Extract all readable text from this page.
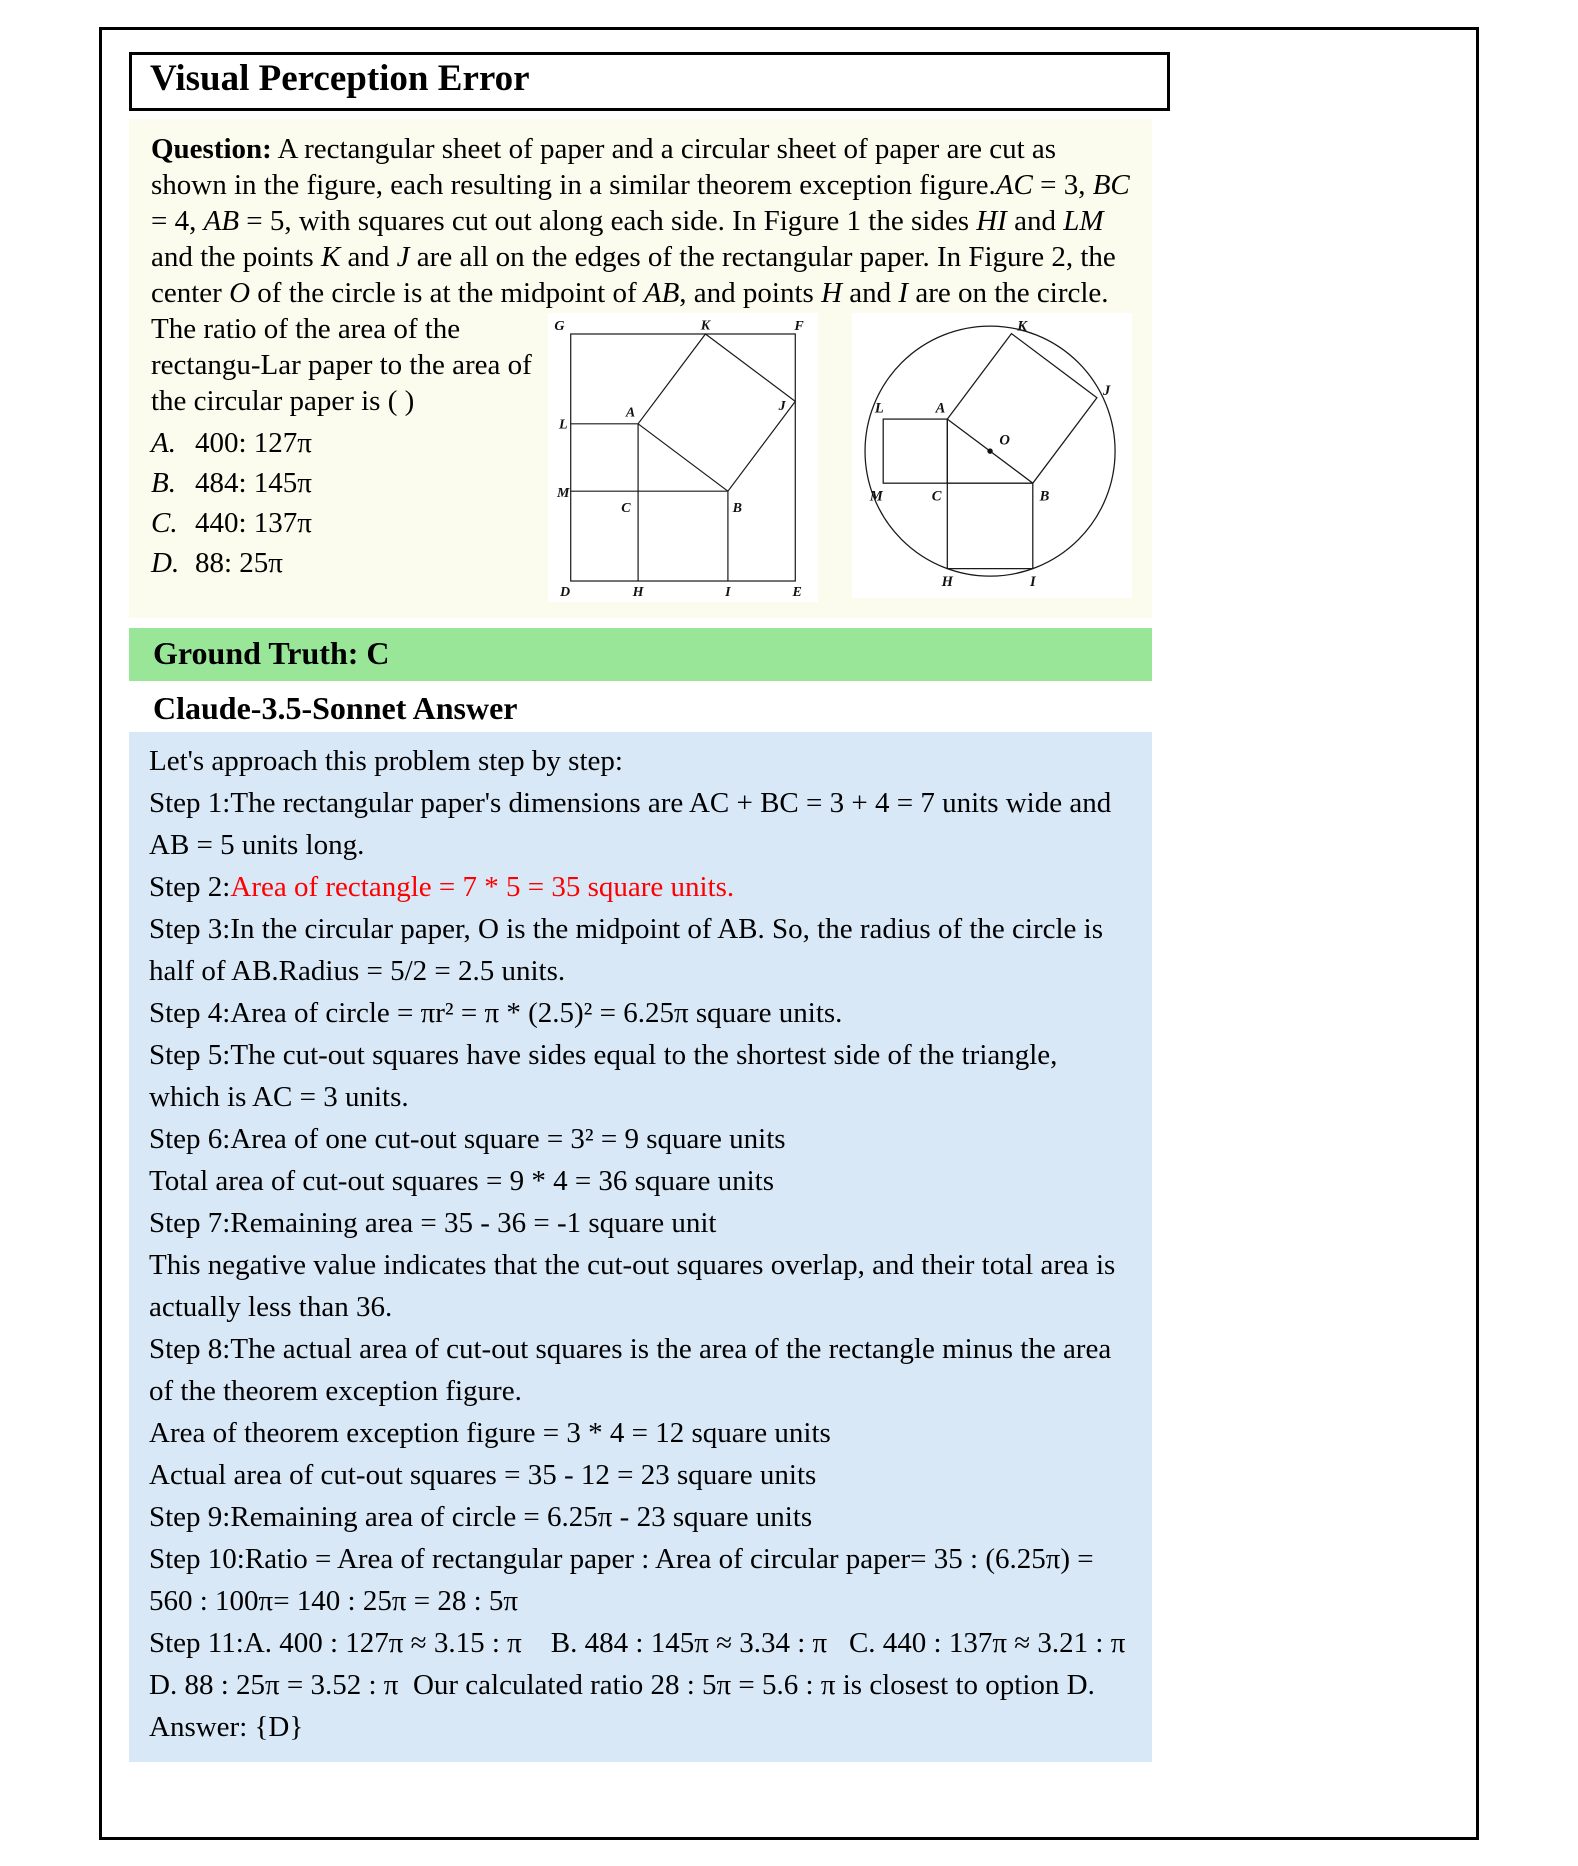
Visual Perception Error
Question: A rectangular sheet of paper and a circular sheet of paper are cut as shown in the figure, each resulting in a similar theorem exception figure.AC = 3, BC = 4, AB = 5, with squares cut out along each side. In Figure 1 the sides HI and LM and the points K and J are all on the edges of the rectangular paper. In Figure 2, the center O of the circle is at the midpoint of AB, and points H and I
G	K	F
J
L
A
M
C	B
D	H	I	E
K
J
L	A
O
M	C	B
H	I
are on the circle. The ratio of the area of the rectangu-Lar paper to the area of the circular paper is ( )
A. 400: 127π
B. 484: 145π
C. 440: 137π
D. 88: 25π
Ground Truth: C
Claude-3.5-Sonnet Answer

Let's approach this problem step by step:

Step 1:The rectangular paper's dimensions are AC + BC = 3 + 4 = 7 units wide and AB = 5 units long.

Step 2:Area of rectangle = 7 * 5 = 35 square units.

Step 3:In the circular paper, O is the midpoint of AB. So, the radius of the circle is half of AB.Radius = 5/2 = 2.5 units.

Step 4:Area of circle = πr² = π * (2.5)² = 6.25π square units.

Step 5:The cut-out squares have sides equal to the shortest side of the triangle, which is AC = 3 units.

Step 6:Area of one cut-out square = 3² = 9 square units

Total area of cut-out squares = 9 * 4 = 36 square units

Step 7:Remaining area = 35 - 36 = -1 square unit

This negative value indicates that the cut-out squares overlap, and their total area is actually less than 36.

Step 8:The actual area of cut-out squares is the area of the rectangle minus the area of the theorem exception figure.

Area of theorem exception figure = 3 * 4 = 12 square units

Actual area of cut-out squares = 35 - 12 = 23 square units

Step 9:Remaining area of circle = 6.25π - 23 square units

Step 10:Ratio = Area of rectangular paper : Area of circular paper= 35 : (6.25π) = 560 : 100π= 140 : 25π = 28 : 5π

Step 11:A. 400 : 127π ≈ 3.15 : π    B. 484 : 145π ≈ 3.34 : π   C. 440 : 137π ≈ 3.21 : π D. 88 : 25π = 3.52 : π  Our calculated ratio 28 : 5π = 5.6 : π is closest to option D.

Answer: {D}
